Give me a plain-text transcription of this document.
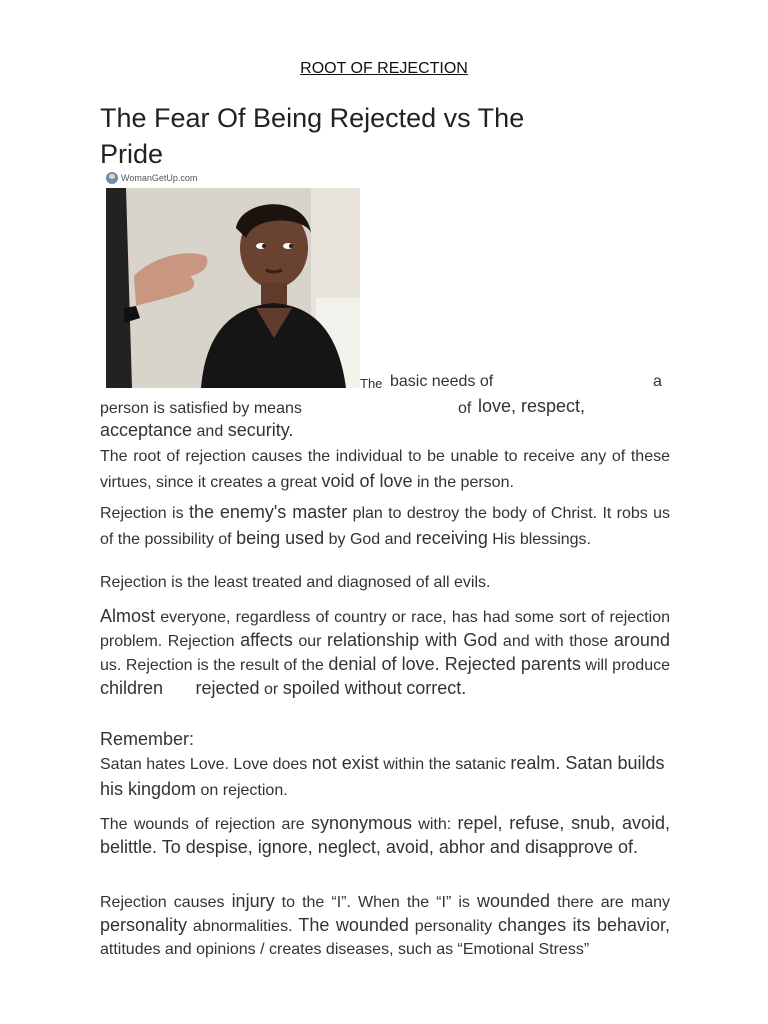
ROOT OF REJECTION
The Fear Of Being Rejected vs The Pride
WomanGetUp.com
The basic needs of	a
person is satisfied by means	of love, respect,
acceptance and security.

The root of rejection causes the individual to be unable to receive any of these virtues, since it creates a great void of love in the person.

Rejection is the enemy's master plan to destroy the body of Christ. It robs us of the possibility of being used by God and receiving His blessings.

Rejection is the least treated and diagnosed of all evils.

Almost everyone, regardless of country or race, has had some sort of rejection problem. Rejection affects our relationship with God and with those around us. Rejection is the result of the denial of love. Rejected parents will produce children rejected or spoiled without correct.

Remember:
Satan hates Love. Love does not exist within the satanic realm. Satan builds his kingdom on rejection.

The wounds of rejection are synonymous with: repel, refuse, snub, avoid, belittle. To despise, ignore, neglect, avoid, abhor and disapprove of.

Rejection causes injury to the “I”. When the “I” is wounded there are many personality abnormalities. The wounded personality changes its behavior, attitudes and opinions / creates diseases, such as “Emotional Stress”
